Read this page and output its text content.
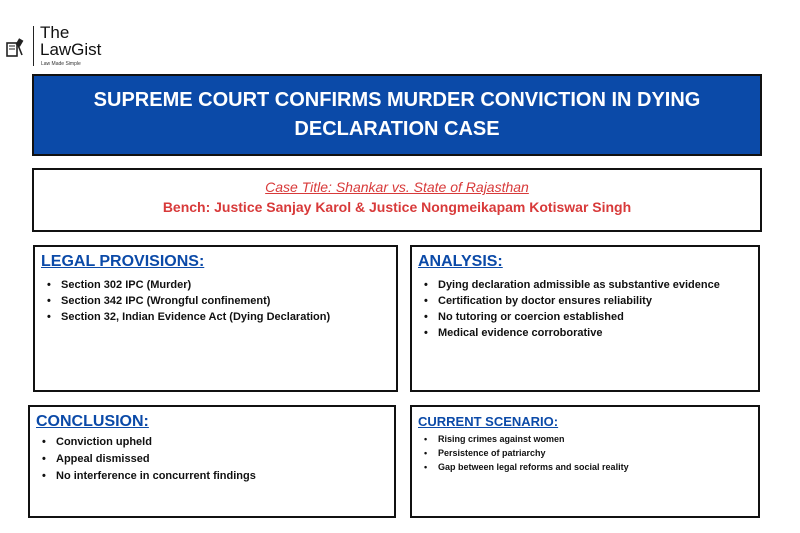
The
LawGist
Law Made Simple
SUPREME COURT CONFIRMS MURDER CONVICTION IN DYING DECLARATION CASE
Case Title: Shankar vs. State of Rajasthan
Bench: Justice Sanjay Karol & Justice Nongmeikapam Kotiswar Singh
LEGAL PROVISIONS:
• Section 302 IPC (Murder)
• Section 342 IPC (Wrongful confinement)
• Section 32, Indian Evidence Act (Dying Declaration)
ANALYSIS:
• Dying declaration admissible as substantive evidence
• Certification by doctor ensures reliability
• No tutoring or coercion established
• Medical evidence corroborative
CONCLUSION:
• Conviction upheld
• Appeal dismissed
• No interference in concurrent findings
CURRENT SCENARIO:
• Rising crimes against women
• Persistence of patriarchy
• Gap between legal reforms and social reality
